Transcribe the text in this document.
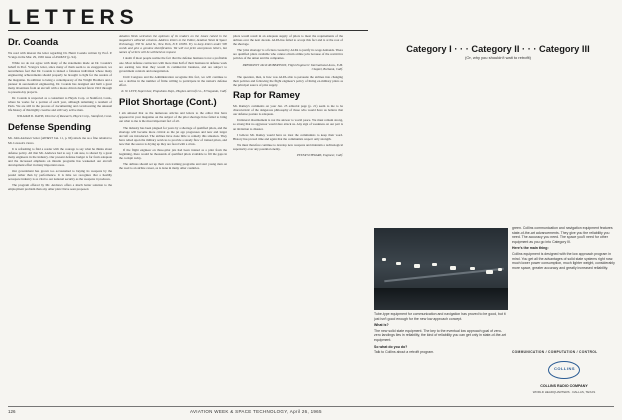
LETTERS
Dr. Coanda

We read with interest the letter regarding Dr. Henri Coanda written by Prof. P. Ycuigo in the Mar. 29, 1965 issue of AW&ST (p. 94).

While we do not agree with many of the statements made on Dr. Coanda's behalf in Prof. Ycuigo's letter, since many of them seem to us exaggerated, we nevertheless feel that Dr. Coanda is indeed a fabulous individual whose many engineering achievements should properly be brought to light for the readers of the magazine. In addition to being a contemporary of the Wright Brothers and a pioneer in aeronautical engineering, Dr. Coanda has designed and built a great many inventions from an aircraft with a motor-driven ducted fan in 1910 through to present-day projects.

Dr. Coanda is respected as a consultant to Huyck Corp. at Stamford, Conn., where he works for a portion of each year, although remaining a resident of Paris. We are still in the process of documenting and corroborating the unusual life history of this highly creative and still very active man.

WILLIAM D. DAVIS, Director of Research, Huyck Corp., Stamford, Conn.

Defense Spending

Mr. John Andrews' letter (AW&ST Jan. 11, p. 96) struck me as a fine rebuttal to Mr. Lawson's views.

It is refreshing to find a reader with the courage to say what he thinks about defense policy. All that Mr. Andrews had to say, I am sure, is shared by a great many engineers in the industry. Our present defense budget is far from adequate and the increased emphasis on missile programs has weakened our aircraft development effort in many important areas.

Our government has grown too accustomed to buying its weapons by the pound rather than by performance. It is time we recognize that a healthy aerospace industry is as vital to our national security as the weapons it produces.

The program offered by Mr. Andrews offers a much better solution to the employment problem than any other plan I have seen proposed.

Aviation Week welcomes the opinions of its readers on the issues raised in the magazine's editorial columns. Address letters to the Editor, Aviation Week & Space Technology, 330 W. 42nd St., New York, N.Y. 10036. Try to keep letters under 500 words and give a genuine identification. We will not print anonymous letters, but names of writers will be withheld on request.

I doubt if most people realize the fact that the defense business is not a profitable one. Most defense contractors with more than half of their business in defense work are earning less than they would in commercial business, and are subject to government controls and renegotiation.

Until Congress and the Administration recognize this fact, we will continue to see a decline in the number of firms willing to participate in the nation's defense effort.

K. W. LEVY, Supervisor, Propulsion Dept., Hughes Aircraft Co., El Segundo, Calif.

Pilot Shortage (Cont.)

I am amazed that as the numerous articles and letters to the editor that have appeared in your magazine on the subject of the pilot shortage have failed to bring out what to me is the most important fact of all.

The industry has been plagued for years by a shortage of qualified pilots, and the shortage will become more critical as the jet age progresses and new and larger aircraft are introduced. The airlines have done little to remedy this situation. They have relied upon the military services to provide a steady flow of trained pilots, and now that the source is drying up they are faced with a crisis.

If the flight engineer on three-pilot jets had been trained as a pilot from the beginning, there would be thousands of qualified pilots available to fill the gaps in the cockpit today.

The airlines should set up their own training programs and start young men on the road to an airline career, as is done in many other countries.

pilots would result in an adequate supply of pilots to meet the requirements of the airlines over the next decade. ALPA has failed to accept this fact and is at the root of the shortage.

The 'pilot shortage' is a fiction created by ALPA to justify its wage demands. There are qualified pilots available who cannot obtain airline jobs because of the restrictive policies of the union and the companies.

PRESIDENT JACK ROBERTSON, Flight Engineers' International Assn., E.M. Chapter, Burbank, Calif.

The question, then, is how was ALPA able to persuade the airlines into changing their policies and following the flight engineer's policy of hiring ex-military pilots as the principal source of pilot supply.

Rap for Ramey

Mr. Ramey's comments on your Jan. 25 editorial page (p. 21) seem to me to be characteristic of the dangerous philosophy of those who would have us believe that our defense posture is adequate.

Unilateral disarmament is not the answer to world peace. We must remain strong, so strong that no aggressor would dare attack us. Any sign of weakness on our part is an invitation to disaster.

I believe Mr. Ramey would have us trust the communists to keep their word. History has proved time and again that the communists respect only strength.

We must therefore continue to develop new weapons and maintain a technological superiority over any potential enemy.

PETER SCHWARZ, Engineer, Calif.

Category I · · · Category II · · · Category III
(Or, why you shouldn't wait to retrofit)

green. Collins communication and navigation equipment features state-of-the-art advancements. They give you the reliability you need. The accuracy you need. The space you'll need for other equipment as you go into Category III.

Here's the main thing:

Collins equipment is designed with the low approach program in mind. You get all the advantages of solid state systems right now: much lower power consumption, much lighter weight, considerably more space, greater accuracy and greatly increased reliability.

Tube-type equipment for communication and navigation has proved to be good, but it just isn't good enough for the new low approach concept.

What is?

The new solid state equipment. The key to the eventual low approach goal of zero-zero landings lies in reliability, the kind of reliability you can get only in state-of-the-art equipment.

So what do you do?

Talk to Collins about a retrofit program.	COMMUNICATION / COMPUTATION / CONTROL
COLLINS
COLLINS RADIO COMPANY
WORLD HEADQUARTERS · DALLAS, TEXAS
126	AVIATION WEEK & SPACE TECHNOLOGY, April 26, 1965
